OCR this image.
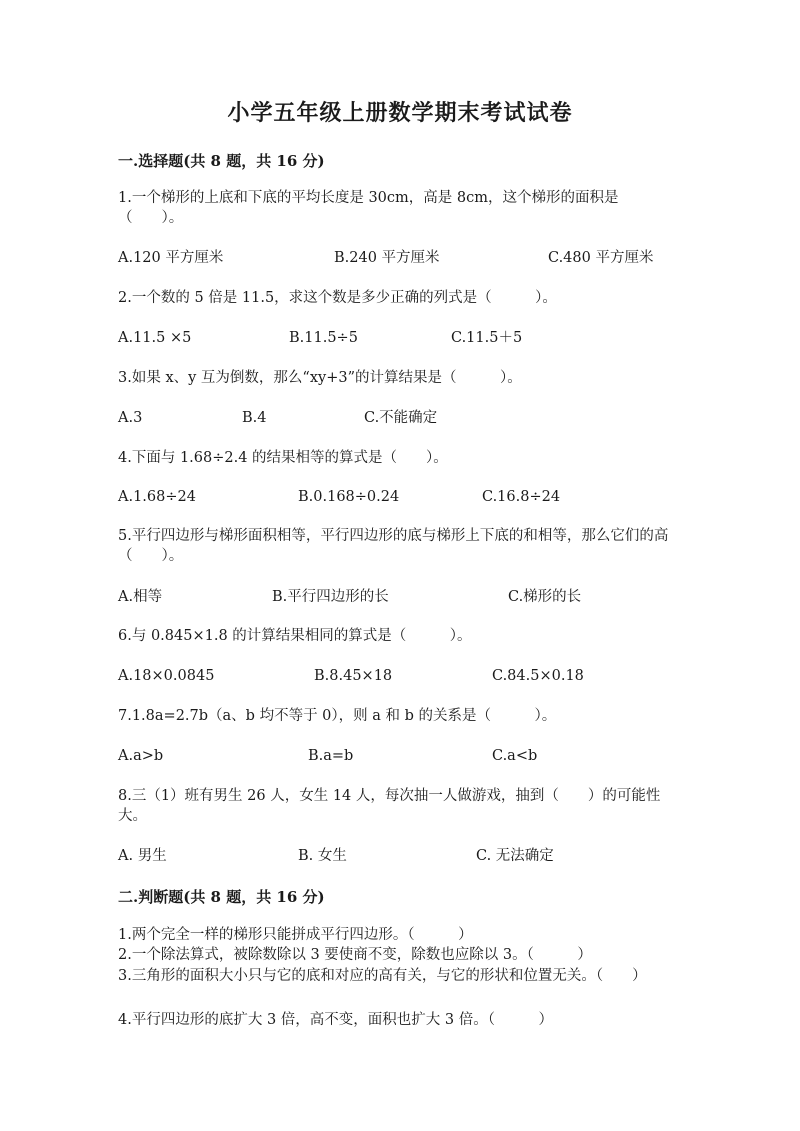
小学五年级上册数学期末考试试卷
一.选择题(共 8 题，共 16 分)
1.一个梯形的上底和下底的平均长度是 30cm，高是 8cm，这个梯形的面积是（　　）。
A.120 平方厘米	B.240 平方厘米	C.480 平方厘米
2.一个数的 5 倍是 11.5，求这个数是多少正确的列式是（　　　）。
A.11.5 ×5	B.11.5÷5	C.11.5＋5
3.如果 x、y 互为倒数，那么“xy+3”的计算结果是（　　　）。
A.3	B.4	C.不能确定
4.下面与 1.68÷2.4 的结果相等的算式是（　　）。
A.1.68÷24	B.0.168÷0.24	C.16.8÷24
5.平行四边形与梯形面积相等，平行四边形的底与梯形上下底的和相等，那么它们的高（　　）。
A.相等	B.平行四边形的长	C.梯形的长
6.与 0.845×1.8 的计算结果相同的算式是（　　　）。
A.18×0.0845	B.8.45×18	C.84.5×0.18
7.1.8a=2.7b（a、b 均不等于 0），则 a 和 b 的关系是（　　　）。
A.a>b	B.a=b	C.a<b
8.三（1）班有男生 26 人，女生 14 人，每次抽一人做游戏，抽到（　　）的可能性大。
A. 男生	B. 女生	C. 无法确定
二.判断题(共 8 题，共 16 分)
1.两个完全一样的梯形只能拼成平行四边形。（　　　）
2.一个除法算式，被除数除以 3 要使商不变，除数也应除以 3。（　　　）
3.三角形的面积大小只与它的底和对应的高有关，与它的形状和位置无关。（　　）
4.平行四边形的底扩大 3 倍，高不变，面积也扩大 3 倍。（　　　）
